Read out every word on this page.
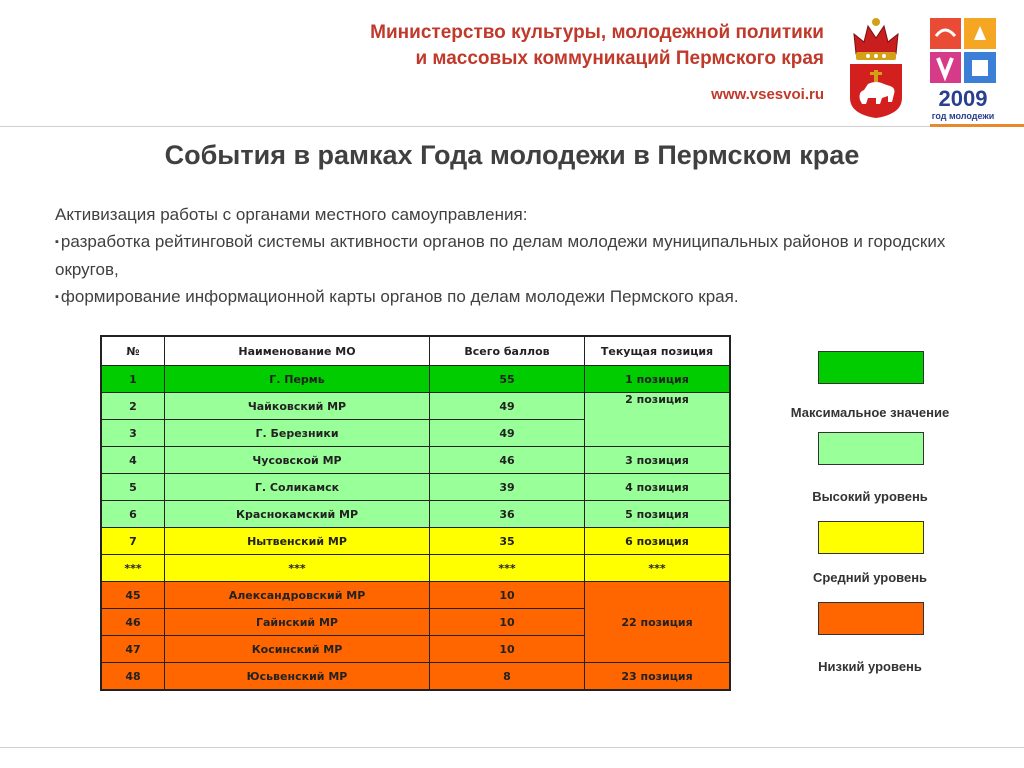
Министерство культуры, молодежной политики
и массовых коммуникаций Пермского края
www.vsesvoi.ru	2009
год молодежи
События в рамках Года молодежи в Пермском крае

Активизация работы с органами местного самоуправления:

▪ разработка рейтинговой системы активности органов по делам молодежи муниципальных районов и городских округов,

▪ формирование информационной карты органов по делам молодежи Пермского края.

№	Наименование МО	Всего баллов	Текущая позиция
1	Г. Пермь	55	1 позиция
2	Чайковский МР	49	2 позиция
3	Г. Березники	49	
4	Чусовской МР	46	3 позиция
5	Г. Соликамск	39	4 позиция
6	Краснокамский МР	36	5 позиция
7	Нытвенский МР	35	6 позиция
***	***	***	***
45	Александровский МР	10	22 позиция
46	Гайнский МР	10	
47	Косинский МР	10	
48	Юсьвенский МР	8	23 позиция
Максимальное значение
Высокий уровень
Средний уровень
Низкий уровень
